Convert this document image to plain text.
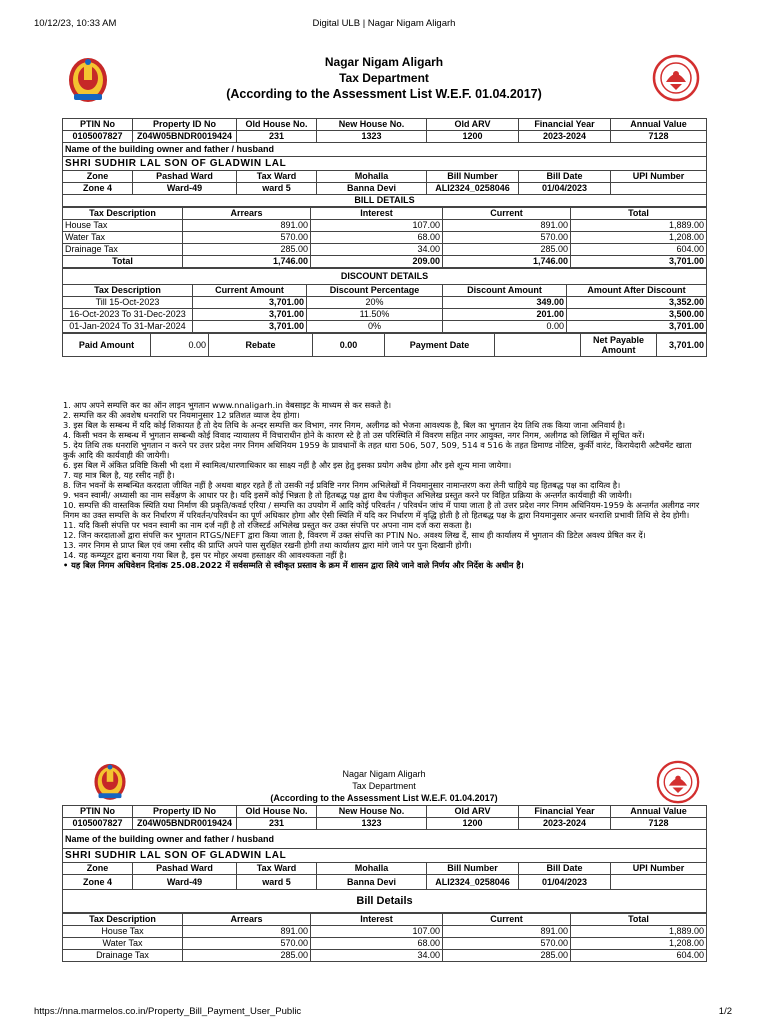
10/12/23, 10:33 AM	Digital ULB | Nagar Nigam Aligarh
Nagar Nigam Aligarh
Tax Department
(According to the Assessment List W.E.F. 01.04.2017)
PTIN No	Property ID No	Old House No.	New House No.	Old ARV	Financial Year	Annual Value
0105007827	Z04W05BNDR0019424	231	1323	1200	2023-2024	7128
Name of the building owner and father / husband						
SHRI SUDHIR LAL SON OF GLADWIN LAL						
Zone	Pashad Ward	Tax Ward	Mohalla	Bill Number	Bill Date	UPI Number
Zone 4	Ward-49	ward 5	Banna Devi	ALI2324_0258046	01/04/2023	
BILL DETAILS						
Tax Description	Arrears	Interest	Current	Total
House Tax	891.00	107.00	891.00	1,889.00
Water Tax	570.00	68.00	570.00	1,208.00
Drainage Tax	285.00	34.00	285.00	604.00
Total	1,746.00	209.00	1,746.00	3,701.00
DISCOUNT DETAILS				
Tax Description	Current Amount	Discount Percentage	Discount Amount	Amount After Discount
Till 15-Oct-2023	3,701.00	20%	349.00	3,352.00
16-Oct-2023 To 31-Dec-2023	3,701.00	11.50%	201.00	3,500.00
01-Jan-2024 To 31-Mar-2024	3,701.00	0%	0.00	3,701.00
Paid Amount	0.00	Rebate	0.00	Payment Date		Net Payable Amount	3,701.00

1. आप अपने सम्पत्ति कर का ऑन लाइन भुगतान www.nnaligarh.in वेबसाइट के माध्यम से कर सकते है।

2. सम्पत्ति कर की अवशेष धनराशि पर नियमानुसार 12 प्रतिशत व्याज देय होगा।

3. इस बिल के सम्बन्ध में यदि कोई शिकायत है तो देय तिथि के अन्दर सम्पत्ति कर विभाग, नगर निगम, अलीगढ को भेजना आवश्यक है, बिल का भुगतान देय तिथि तक किया जाना अनिवार्य है।

4. किसी भवन के सम्बन्ध में भुगतान सम्बन्धी कोई विवाद न्यायालय में विचाराधीन होने के कारण स्टे है तो उस परिस्थिति में विवरण सहित नगर आयुक्त, नगर निगम, अलीगढ को लिखित में सूचित करें।

5. देय तिथि तक धनराशि भुगतान न करने पर उत्तर प्रदेश नगर निगम अधिनियम 1959 के प्रावधानों के तहत धारा 506, 507, 509, 514 व 516 के तहत डिमाण्ड नोटिस, कुर्की वारंट, किरायेदारी अटैचमेंट खाता कुर्क आदि की कार्यवाही की जायेगी।

6. इस बिल में अंकित प्रविष्टि किसी भी दशा में स्वामित्व/धारणाधिकार का साक्ष्य नहीं है और इस हेतु इसका प्रयोग अवैध होगा और इसे शून्य माना जायेगा।

7. यह मात्र बिल है, यह रसीद नहीं है।

8. जिन भवनों के सम्बन्धित करदाता जीवित नहीं है अथवा बाहर रहते हैं तो उसकी नई प्रविष्टि नगर निगम अभिलेखों में नियमानुसार नामान्तरण करा लेनी चाहिये यह हितबद्ध पक्ष का दायित्व है।

9. भवन स्वामी/ अध्यासी का नाम सर्वेक्षण के आधार पर है। यदि इसमें कोई भिन्नता है तो हितबद्ध पक्ष द्वारा वैध पंजीकृत अभिलेख प्रस्तुत करने पर विहित प्रक्रिया के अन्तर्गत कार्यवाही की जायेगी।

10. सम्पत्ति की वास्तविक स्थिति यथा निर्माण की प्रकृति/कवर्ड एरिया / सम्पत्ति का उपयोग में आदि कोई परिवर्तन / परिवर्धन जांच में पाया जाता है तो उत्तर प्रदेश नगर निगम अधिनियम-1959 के अन्तर्गत अलीगढ नगर निगम का उक्त सम्पत्ति के कर निर्धारण में परिवर्तन/परिवर्धन का पूर्ण अधिकार होगा और ऐसी स्थिति में यदि कर निर्धारण में वृद्धि होती है तो हितबद्ध पक्ष के द्वारा नियमानुसार अन्तर धनराशि प्रभावी तिथि से देय होगी।

11. यदि किसी संपत्ति पर भवन स्वामी का नाम दर्ज नहीं है तो रजिस्टर्ड अभिलेख प्रस्तुत कर उक्त संपत्ति पर अपना नाम दर्ज करा सकता है।

12. जिन करदाताओं द्वारा संपत्ति कर भुगतान RTGS/NEFT द्वारा किया जाता है, विवरण में उक्त संपत्ति का PTIN No. अवश्य लिख दें, साथ ही कार्यालय में भुगतान की डिटेल अवश्य प्रेषित कर दें।

13. नगर निगम से प्राप्त बिल एवं जमा रसीद की प्राप्ति अपने पास सुरक्षित रखनी होगी तथा कार्यालय द्वारा मांगे जाने पर पुनः दिखानी होगी।

14. यह कम्प्यूटर द्वारा बनाया गया बिल है, इस पर मोहर अथवा हस्ताक्षर की आवश्यकता नहीं है।

• यह बिल निगम अधिवेशन दिनांक 25.08.2022 में सर्वसम्मति से स्वीकृत प्रस्ताव के क्रम में शासन द्वारा लिये जाने वाले निर्णय और निर्देश के अधीन है।

Nagar Nigam Aligarh
Tax Department
(According to the Assessment List W.E.F. 01.04.2017)
PTIN No	Property ID No	Old House No.	New House No.	Old ARV	Financial Year	Annual Value
0105007827	Z04W05BNDR0019424	231	1323	1200	2023-2024	7128
Name of the building owner and father / husband						
SHRI SUDHIR LAL SON OF GLADWIN LAL						
Zone	Pashad Ward	Tax Ward	Mohalla	Bill Number	Bill Date	UPI Number
Zone 4	Ward-49	ward 5	Banna Devi	ALI2324_0258046	01/04/2023	
Bill Details						
Tax Description	Arrears	Interest	Current	Total
House Tax	891.00	107.00	891.00	1,889.00
Water Tax	570.00	68.00	570.00	1,208.00
Drainage Tax	285.00	34.00	285.00	604.00
https://nna.marmelos.co.in/Property_Bill_Payment_User_Public	1/2
